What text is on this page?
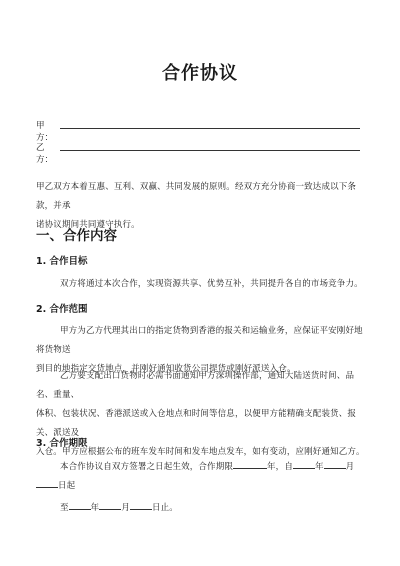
合作协议
甲方：
乙方：
甲乙双方本着互惠、互利、双赢、共同发展的原则。经双方充分协商一致达成以下条款，并承
诺协议期间共同遵守执行。
一、合作内容
1. 合作目标
双方将通过本次合作，实现资源共享、优势互补，共同提升各自的市场竞争力。
2. 合作范围
甲方为乙方代理其出口的指定货物到香港的报关和运输业务，应保证平安刚好地将货物送
到目的地指定交货地点，并刚好通知收货公司提货或刚好派送入仓。
乙方要支配出口货物时必需书面通知甲方深圳操作部，通知大陆送货时间、品名、重量、
体积、包装状况、香港派送或入仓地点和时间等信息，以便甲方能精确支配装货、报关、派送及
入仓。甲方应根据公布的班车发车时间和发车地点发车，如有变动，应刚好通知乙方。
3. 合作期限
本合作协议自双方签署之日起生效，合作期限	年，自	年	月日起
至	年	月	日止。
